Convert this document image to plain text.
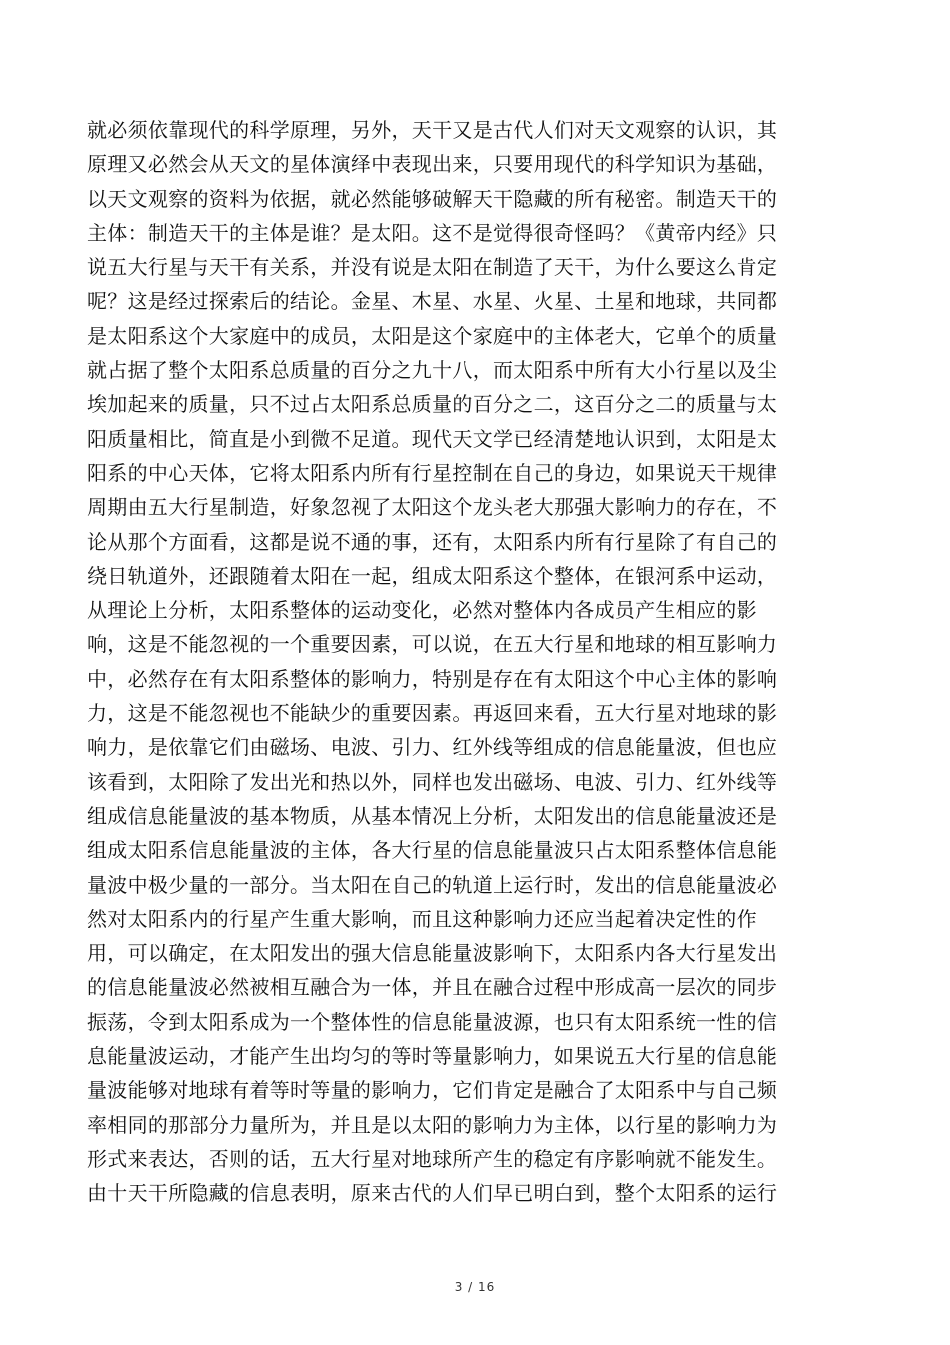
就必须依靠现代的科学原理，另外，天干又是古代人们对天文观察的认识，其
原理又必然会从天文的星体演绎中表现出来，只要用现代的科学知识为基础，
以天文观察的资料为依据，就必然能够破解天干隐藏的所有秘密。制造天干的
主体：制造天干的主体是谁？是太阳。这不是觉得很奇怪吗？《黄帝内经》只
说五大行星与天干有关系，并没有说是太阳在制造了天干，为什么要这么肯定
呢？这是经过探索后的结论。金星、木星、水星、火星、土星和地球，共同都
是太阳系这个大家庭中的成员，太阳是这个家庭中的主体老大，它单个的质量
就占据了整个太阳系总质量的百分之九十八，而太阳系中所有大小行星以及尘
埃加起来的质量，只不过占太阳系总质量的百分之二，这百分之二的质量与太
阳质量相比，简直是小到微不足道。现代天文学已经清楚地认识到，太阳是太
阳系的中心天体，它将太阳系内所有行星控制在自己的身边，如果说天干规律
周期由五大行星制造，好象忽视了太阳这个龙头老大那强大影响力的存在，不
论从那个方面看，这都是说不通的事，还有，太阳系内所有行星除了有自己的
绕日轨道外，还跟随着太阳在一起，组成太阳系这个整体，在银河系中运动，
从理论上分析，太阳系整体的运动变化，必然对整体内各成员产生相应的影
响，这是不能忽视的一个重要因素，可以说，在五大行星和地球的相互影响力
中，必然存在有太阳系整体的影响力，特别是存在有太阳这个中心主体的影响
力，这是不能忽视也不能缺少的重要因素。再返回来看，五大行星对地球的影
响力，是依靠它们由磁场、电波、引力、红外线等组成的信息能量波，但也应
该看到，太阳除了发出光和热以外，同样也发出磁场、电波、引力、红外线等
组成信息能量波的基本物质，从基本情况上分析，太阳发出的信息能量波还是
组成太阳系信息能量波的主体，各大行星的信息能量波只占太阳系整体信息能
量波中极少量的一部分。当太阳在自己的轨道上运行时，发出的信息能量波必
然对太阳系内的行星产生重大影响，而且这种影响力还应当起着决定性的作
用，可以确定，在太阳发出的强大信息能量波影响下，太阳系内各大行星发出
的信息能量波必然被相互融合为一体，并且在融合过程中形成高一层次的同步
振荡，令到太阳系成为一个整体性的信息能量波源，也只有太阳系统一性的信
息能量波运动，才能产生出均匀的等时等量影响力，如果说五大行星的信息能
量波能够对地球有着等时等量的影响力，它们肯定是融合了太阳系中与自己频
率相同的那部分力量所为，并且是以太阳的影响力为主体，以行星的影响力为
形式来表达，否则的话，五大行星对地球所产生的稳定有序影响就不能发生。
由十天干所隐藏的信息表明，原来古代的人们早已明白到，整个太阳系的运行
3 / 16
